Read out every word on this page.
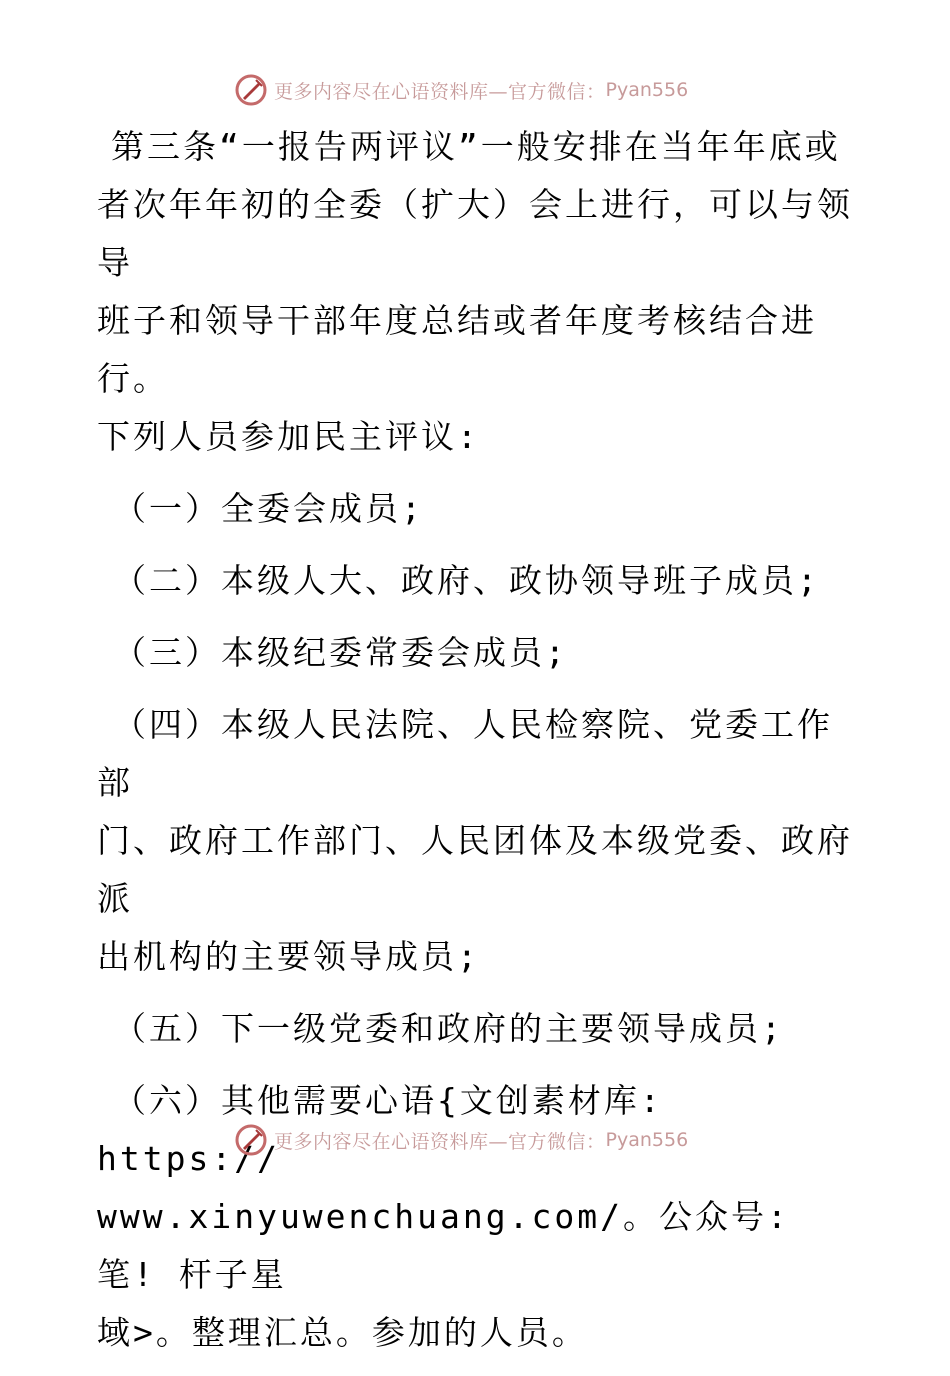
更多内容尽在心语资料库—官方微信： Pyan556
第三条“一报告两评议”一般安排在当年年底或
者次年年初的全委（扩大）会上进行，可以与领导
班子和领导干部年度总结或者年度考核结合进行。
下列人员参加民主评议:
（一）全委会成员;
（二）本级人大、政府、政协领导班子成员;
（三）本级纪委常委会成员;
（四）本级人民法院、人民检察院、党委工作部
门、政府工作部门、人民团体及本级党委、政府派
出机构的主要领导成员;
（五）下一级党委和政府的主要领导成员;
（六）其他需要心语{文创素材库: https://
www.xinyuwenchuang.com/。公众号: 笔! 杆子星
域>。整理汇总。参加的人员。
更多内容尽在心语资料库—官方微信： Pyan556
